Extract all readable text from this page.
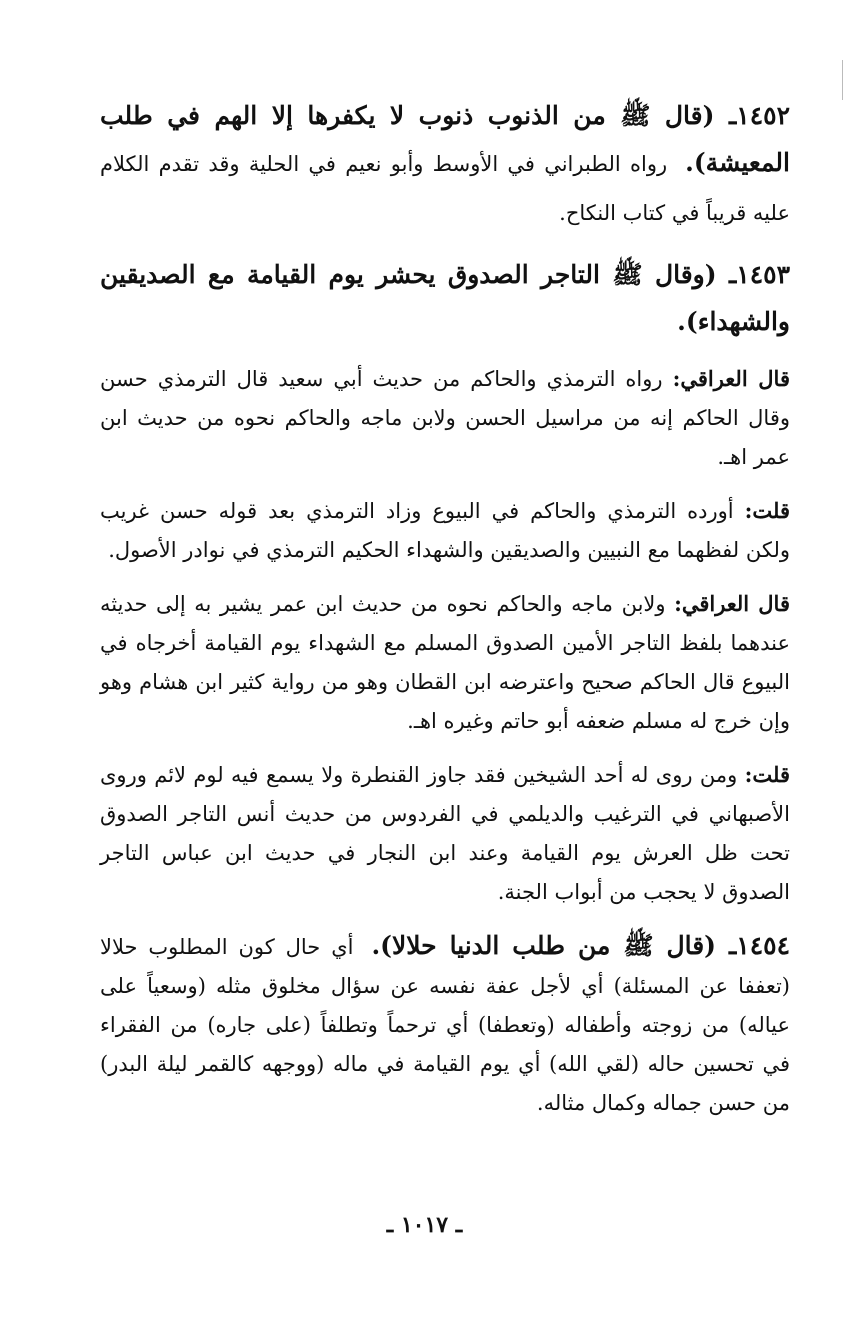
١٤٥٢ـ (قال ﷺ من الذنوب ذنوب لا يكفرها إلا الهم في طلب المعيشة).رواه الطبراني في الأوسط وأبو نعيم في الحلية وقد تقدم الكلام عليه قريباً في كتاب النكاح.
١٤٥٣ـ (وقال ﷺ التاجر الصدوق يحشر يوم القيامة مع الصديقين والشهداء).
قال العراقي: رواه الترمذي والحاكم من حديث أبي سعيد قال الترمذي حسن وقال الحاكم إنه من مراسيل الحسن ولابن ماجه والحاكم نحوه من حديث ابن عمر اهـ.
قلت: أورده الترمذي والحاكم في البيوع وزاد الترمذي بعد قوله حسن غريب ولكن لفظهما مع النبيين والصديقين والشهداء الحكيم الترمذي في نوادر الأصول.
قال العراقي: ولابن ماجه والحاكم نحوه من حديث ابن عمر يشير به إلى حديثه عندهما بلفظ التاجر الأمين الصدوق المسلم مع الشهداء يوم القيامة أخرجاه في البيوع قال الحاكم صحيح واعترضه ابن القطان وهو من رواية كثير ابن هشام وهو وإن خرج له مسلم ضعفه أبو حاتم وغيره اهـ.
قلت: ومن روى له أحد الشيخين فقد جاوز القنطرة ولا يسمع فيه لوم لائم وروى الأصبهاني في الترغيب والديلمي في الفردوس من حديث أنس التاجر الصدوق تحت ظل العرش يوم القيامة وعند ابن النجار في حديث ابن عباس التاجر الصدوق لا يحجب من أبواب الجنة.
١٤٥٤ـ (قال ﷺ من طلب الدنيا حلالا).أي حال كون المطلوب حلالا (تعففا عن المسئلة) أي لأجل عفة نفسه عن سؤال مخلوق مثله (وسعياً على عياله) من زوجته وأطفاله (وتعطفا) أي ترحماً وتطلفاً (على جاره) من الفقراء في تحسين حاله (لقي الله) أي يوم القيامة في ماله (ووجهه كالقمر ليلة البدر) من حسن جماله وكمال مثاله.
ـ ١٠١٧ ـ
